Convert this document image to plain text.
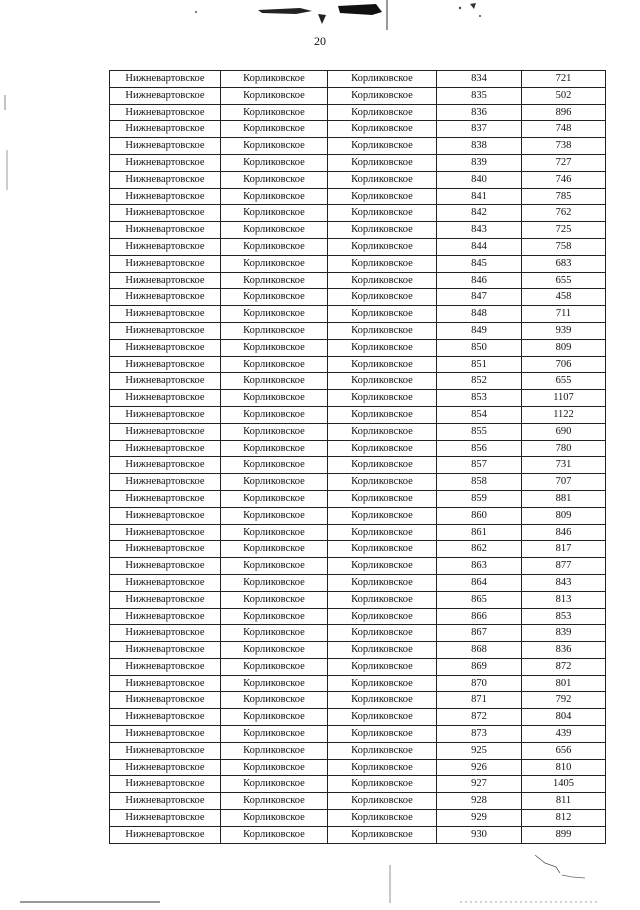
20
Нижневартовское	Корликовское	Корликовское	834	721
Нижневартовское	Корликовское	Корликовское	835	502
Нижневартовское	Корликовское	Корликовское	836	896
Нижневартовское	Корликовское	Корликовское	837	748
Нижневартовское	Корликовское	Корликовское	838	738
Нижневартовское	Корликовское	Корликовское	839	727
Нижневартовское	Корликовское	Корликовское	840	746
Нижневартовское	Корликовское	Корликовское	841	785
Нижневартовское	Корликовское	Корликовское	842	762
Нижневартовское	Корликовское	Корликовское	843	725
Нижневартовское	Корликовское	Корликовское	844	758
Нижневартовское	Корликовское	Корликовское	845	683
Нижневартовское	Корликовское	Корликовское	846	655
Нижневартовское	Корликовское	Корликовское	847	458
Нижневартовское	Корликовское	Корликовское	848	711
Нижневартовское	Корликовское	Корликовское	849	939
Нижневартовское	Корликовское	Корликовское	850	809
Нижневартовское	Корликовское	Корликовское	851	706
Нижневартовское	Корликовское	Корликовское	852	655
Нижневартовское	Корликовское	Корликовское	853	1107
Нижневартовское	Корликовское	Корликовское	854	1122
Нижневартовское	Корликовское	Корликовское	855	690
Нижневартовское	Корликовское	Корликовское	856	780
Нижневартовское	Корликовское	Корликовское	857	731
Нижневартовское	Корликовское	Корликовское	858	707
Нижневартовское	Корликовское	Корликовское	859	881
Нижневартовское	Корликовское	Корликовское	860	809
Нижневартовское	Корликовское	Корликовское	861	846
Нижневартовское	Корликовское	Корликовское	862	817
Нижневартовское	Корликовское	Корликовское	863	877
Нижневартовское	Корликовское	Корликовское	864	843
Нижневартовское	Корликовское	Корликовское	865	813
Нижневартовское	Корликовское	Корликовское	866	853
Нижневартовское	Корликовское	Корликовское	867	839
Нижневартовское	Корликовское	Корликовское	868	836
Нижневартовское	Корликовское	Корликовское	869	872
Нижневартовское	Корликовское	Корликовское	870	801
Нижневартовское	Корликовское	Корликовское	871	792
Нижневартовское	Корликовское	Корликовское	872	804
Нижневартовское	Корликовское	Корликовское	873	439
Нижневартовское	Корликовское	Корликовское	925	656
Нижневартовское	Корликовское	Корликовское	926	810
Нижневартовское	Корликовское	Корликовское	927	1405
Нижневартовское	Корликовское	Корликовское	928	811
Нижневартовское	Корликовское	Корликовское	929	812
Нижневартовское	Корликовское	Корликовское	930	899
